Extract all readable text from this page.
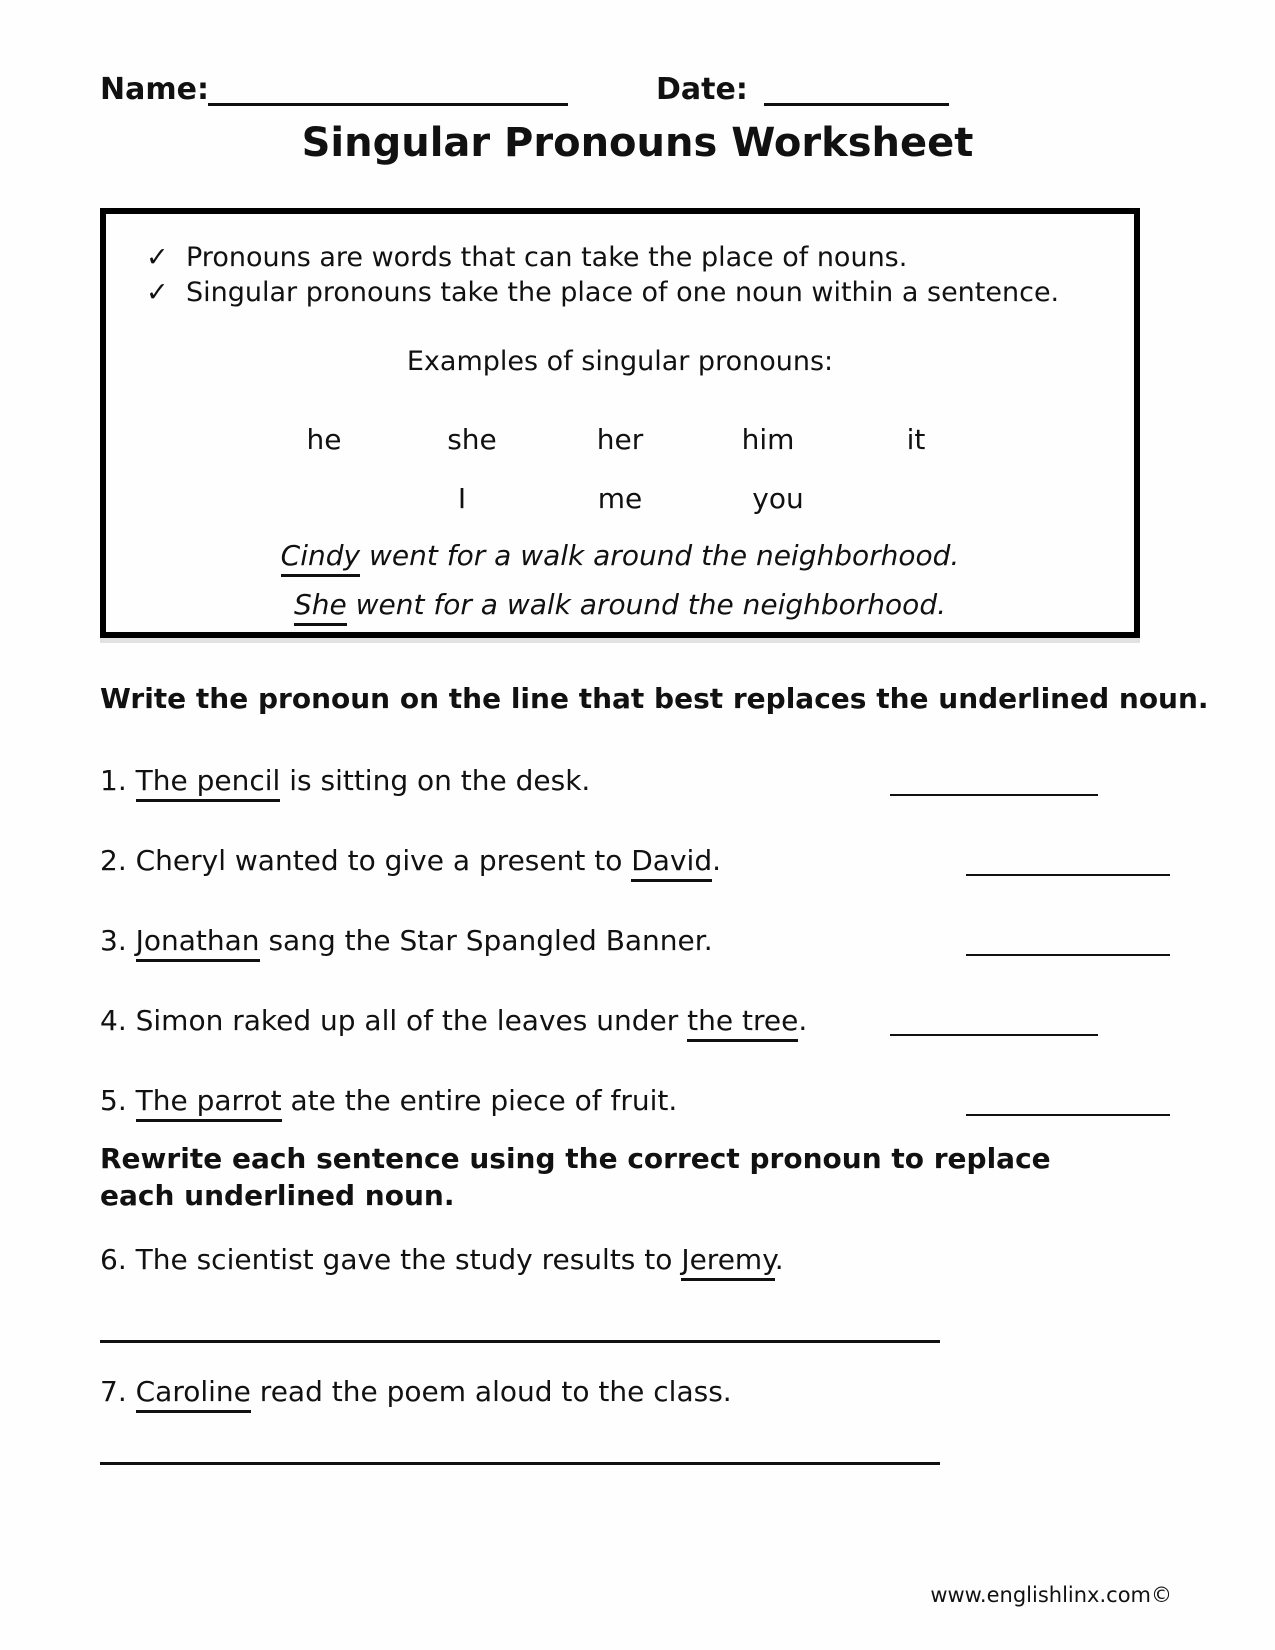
Name:	Date:
Singular Pronouns Worksheet
✓ Pronouns are words that can take the place of nouns.
✓ Singular pronouns take the place of one noun within a sentence.
Examples of singular pronouns:
he	she	her	him	it
I	me	you
Cindy went for a walk around the neighborhood.
She went for a walk around the neighborhood.
Write the pronoun on the line that best replaces the underlined noun.
1. The pencil is sitting on the desk.
2. Cheryl wanted to give a present to David.
3. Jonathan sang the Star Spangled Banner.
4. Simon raked up all of the leaves under the tree.
5. The parrot ate the entire piece of fruit.
Rewrite each sentence using the correct pronoun to replace each underlined noun.
6. The scientist gave the study results to Jeremy.
7. Caroline read the poem aloud to the class.
www.englishlinx.com©
